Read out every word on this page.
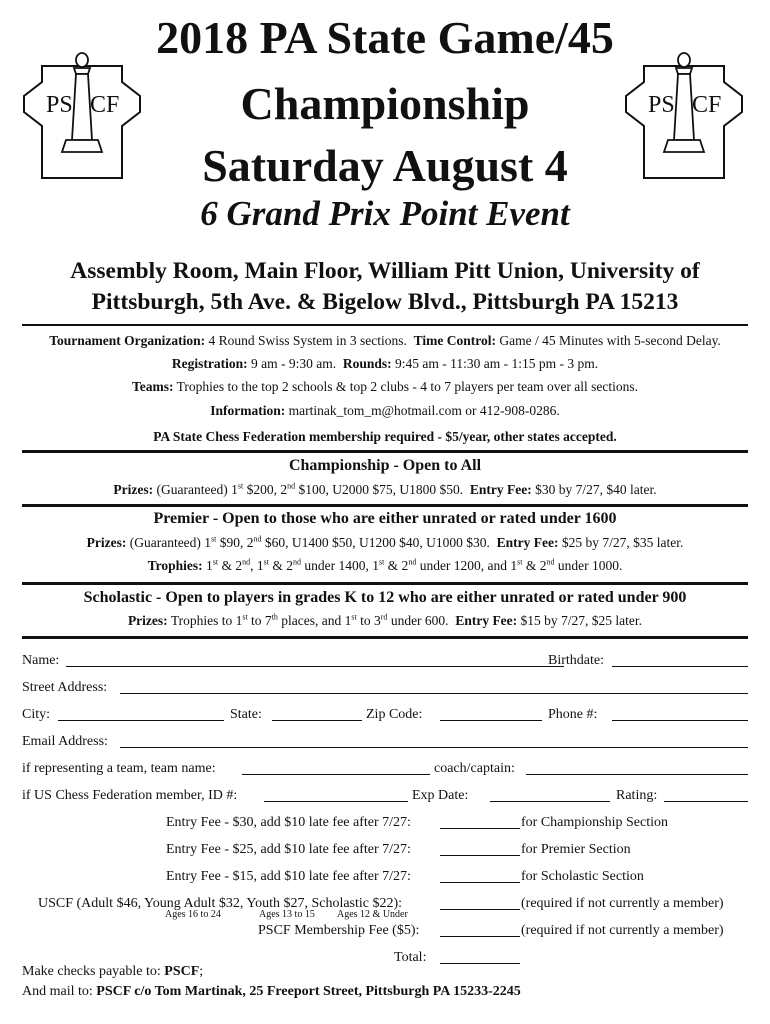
PS CF	PS CF
2018 PA State Game/45
Championship
Saturday August 4
6 Grand Prix Point Event
Assembly Room, Main Floor, William Pitt Union, University of
Pittsburgh, 5th Ave. & Bigelow Blvd., Pittsburgh PA 15213
Tournament Organization: 4 Round Swiss System in 3 sections. Time Control: Game / 45 Minutes with 5-second Delay.
Registration: 9 am - 9:30 am. Rounds: 9:45 am - 11:30 am - 1:15 pm - 3 pm.
Teams: Trophies to the top 2 schools & top 2 clubs - 4 to 7 players per team over all sections.
Information: martinak_tom_m@hotmail.com or 412-908-0286.
PA State Chess Federation membership required - $5/year, other states accepted.
Championship - Open to All
Prizes: (Guaranteed) 1st $200, 2nd $100, U2000 $75, U1800 $50. Entry Fee: $30 by 7/27, $40 later.
Premier - Open to those who are either unrated or rated under 1600
Prizes: (Guaranteed) 1st $90, 2nd $60, U1400 $50, U1200 $40, U1000 $30. Entry Fee: $25 by 7/27, $35 later.
Trophies: 1st & 2nd, 1st & 2nd under 1400, 1st & 2nd under 1200, and 1st & 2nd under 1000.
Scholastic - Open to players in grades K to 12 who are either unrated or rated under 900
Prizes: Trophies to 1st to 7th places, and 1st to 3rd under 600. Entry Fee: $15 by 7/27, $25 later.
Name:	Birthdate:
Street Address:
City:	State:	Zip Code:	Phone #:
Email Address:
if representing a team, team name:	coach/captain:
if US Chess Federation member, ID #:	Exp Date:	Rating:
Entry Fee - $30, add $10 late fee after 7/27:	for Championship Section
Entry Fee - $25, add $10 late fee after 7/27:	for Premier Section
Entry Fee - $15, add $10 late fee after 7/27:	for Scholastic Section
USCF (Adult $46, Young Adult $32, Youth $27, Scholastic $22):	(required if not currently a member)
Ages 16 to 24	Ages 13 to 15 Ages 12 & Under
PSCF Membership Fee ($5):	(required if not currently a member)
Total:
Make checks payable to: PSCF;
And mail to: PSCF c/o Tom Martinak, 25 Freeport Street, Pittsburgh PA 15233-2245
